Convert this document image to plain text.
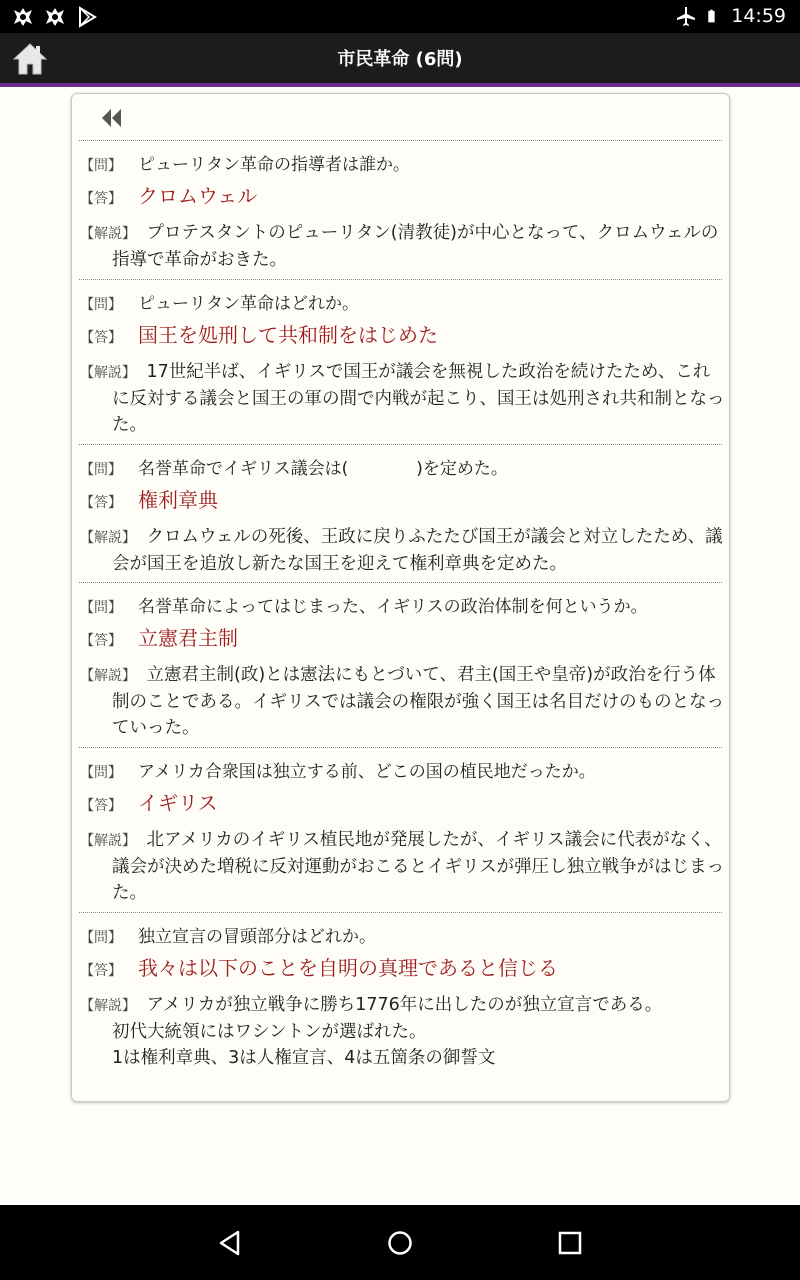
14:59
市民革命 (6問)
【問】 ピューリタン革命の指導者は誰か。
【答】 クロムウェル
【解説】　 プロテスタントのピューリタン(清教徒)が中心となって、クロムウェルの指導で革命がおきた。
【問】 ピューリタン革命はどれか。
【答】 国王を処刑して共和制をはじめた
【解説】　 17世紀半ば、イギリスで国王が議会を無視した政治を続けたため、これに反対する議会と国王の軍の間で内戦が起こり、国王は処刑され共和制となった。
【問】 名誉革命でイギリス議会は(　　　　)を定めた。
【答】 権利章典
【解説】　 クロムウェルの死後、王政に戻りふたたび国王が議会と対立したため、議会が国王を追放し新たな国王を迎えて権利章典を定めた。
【問】 名誉革命によってはじまった、イギリスの政治体制を何というか。
【答】 立憲君主制
【解説】　 立憲君主制(政)とは憲法にもとづいて、君主(国王や皇帝)が政治を行う体制のことである。イギリスでは議会の権限が強く国王は名目だけのものとなっていった。
【問】 アメリカ合衆国は独立する前、どこの国の植民地だったか。
【答】 イギリス
【解説】　 北アメリカのイギリス植民地が発展したが、イギリス議会に代表がなく、議会が決めた増税に反対運動がおこるとイギリスが弾圧し独立戦争がはじまった。
【問】 独立宣言の冒頭部分はどれか。
【答】 我々は以下のことを自明の真理であると信じる
【解説】　 アメリカが独立戦争に勝ち1776年に出したのが独立宣言である。
初代大統領にはワシントンが選ばれた。
1は権利章典、3は人権宣言、4は五箇条の御誓文
